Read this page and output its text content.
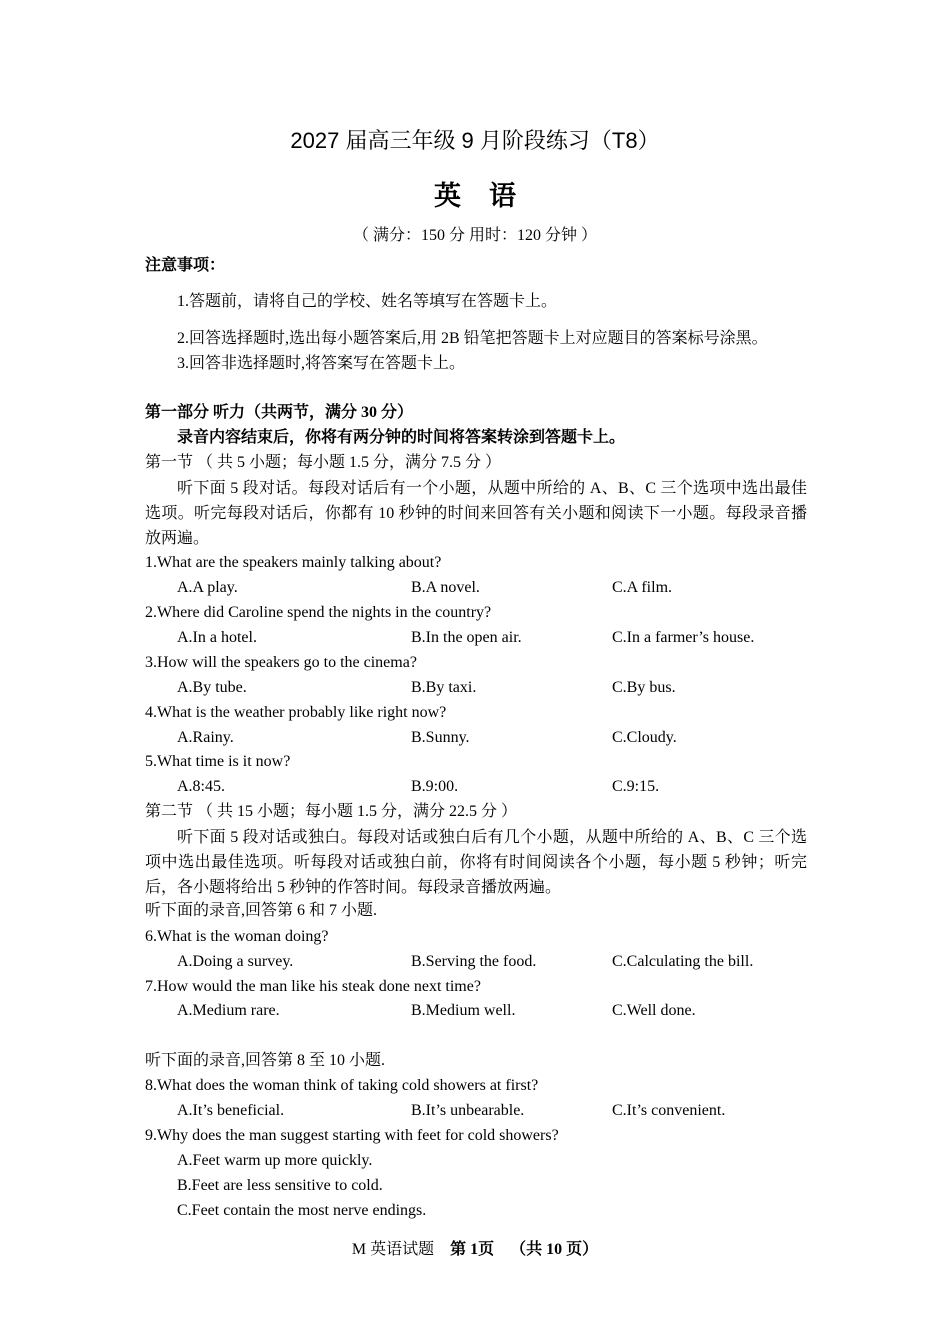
2027 届高三年级 9 月阶段练习（T8）
英语
（ 满分：150 分 用时：120 分钟 ）
注意事项：
1.答题前，请将自己的学校、姓名等填写在答题卡上。
2.回答选择题时,选出每小题答案后,用 2B 铅笔把答题卡上对应题目的答案标号涂黑。
3.回答非选择题时,将答案写在答题卡上。
第一部分 听力（共两节，满分 30 分）
录音内容结束后，你将有两分钟的时间将答案转涂到答题卡上。
第一节 （ 共 5 小题；每小题 1.5 分，满分 7.5 分 ）
听下面 5 段对话。每段对话后有一个小题，从题中所给的 A、B、C 三个选项中选出最佳选项。听完每段对话后，你都有 10 秒钟的时间来回答有关小题和阅读下一小题。每段录音播放两遍。
1.What are the speakers mainly talking about?
A.A play.	B.A novel.	C.A film.
2.Where did Caroline spend the nights in the country?
A.In a hotel.	B.In the open air.	C.In a farmer’s house.
3.How will the speakers go to the cinema?
A.By tube.	B.By taxi.	C.By bus.
4.What is the weather probably like right now?
A.Rainy.	B.Sunny.	C.Cloudy.
5.What time is it now?
A.8:45.	B.9:00.	C.9:15.
第二节 （ 共 15 小题；每小题 1.5 分，满分 22.5 分 ）
听下面 5 段对话或独白。每段对话或独白后有几个小题，从题中所给的 A、B、C 三个选项中选出最佳选项。听每段对话或独白前，你将有时间阅读各个小题，每小题 5 秒钟；听完后，各小题将给出 5 秒钟的作答时间。每段录音播放两遍。
听下面的录音,回答第 6 和 7 小题.
6.What is the woman doing?
A.Doing a survey.	B.Serving the food.	C.Calculating the bill.
7.How would the man like his steak done next time?
A.Medium rare.	B.Medium well.	C.Well done.
听下面的录音,回答第 8 至 10 小题.
8.What does the woman think of taking cold showers at first?
A.It’s beneficial.	B.It’s unbearable.	C.It’s convenient.
9.Why does the man suggest starting with feet for cold showers?
A.Feet warm up more quickly.
B.Feet are less sensitive to cold.
C.Feet contain the most nerve endings.
M 英语试题 第 1页 （共 10 页）
